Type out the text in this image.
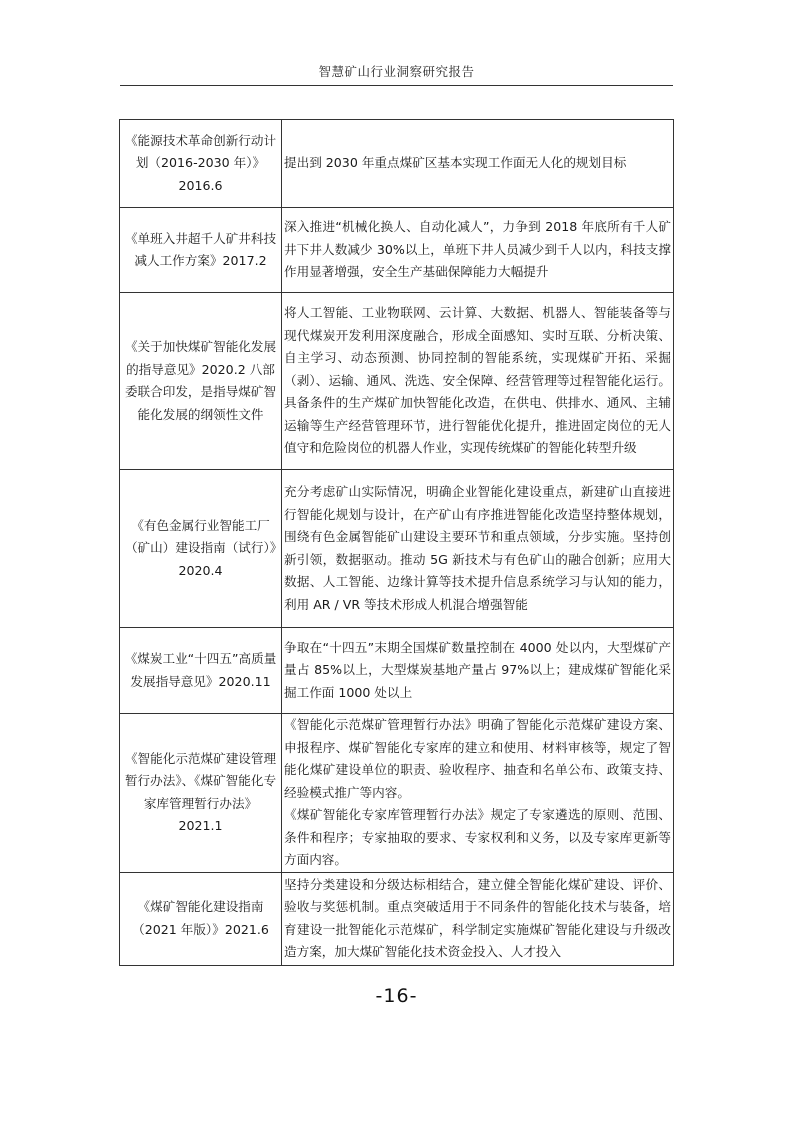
智慧矿山行业洞察研究报告
《能源技术革命创新行动计划（2016-2030 年）》2016.6	提出到 2030 年重点煤矿区基本实现工作面无人化的规划目标

《单班入井超千人矿井科技减人工作方案》2017.2	深入推进“机械化换人、自动化减人”，力争到 2018 年底所有千人矿井下井人数减少 30%以上，单班下井人员减少到千人以内，科技支撑作用显著增强，安全生产基础保障能力大幅提升

《关于加快煤矿智能化发展的指导意见》2020.2 八部委联合印发，是指导煤矿智能化发展的纲领性文件	将人工智能、工业物联网、云计算、大数据、机器人、智能装备等与现代煤炭开发利用深度融合，形成全面感知、实时互联、分析决策、自主学习、动态预测、协同控制的智能系统，实现煤矿开拓、采掘（剥）、运输、通风、洗选、安全保障、经营管理等过程智能化运行。具备条件的生产煤矿加快智能化改造，在供电、供排水、通风、主辅运输等生产经营管理环节，进行智能优化提升，推进固定岗位的无人值守和危险岗位的机器人作业，实现传统煤矿的智能化转型升级

《有色金属行业智能工厂（矿山）建设指南（试行）》2020.4	充分考虑矿山实际情况，明确企业智能化建设重点，新建矿山直接进行智能化规划与设计，在产矿山有序推进智能化改造坚持整体规划，围绕有色金属智能矿山建设主要环节和重点领域，分步实施。坚持创新引领，数据驱动。推动 5G 新技术与有色矿山的融合创新；应用大数据、人工智能、边缘计算等技术提升信息系统学习与认知的能力，利用 AR / VR 等技术形成人机混合增强智能

《煤炭工业“十四五”高质量发展指导意见》2020.11	争取在“十四五”末期全国煤矿数量控制在 4000 处以内，大型煤矿产量占 85%以上，大型煤炭基地产量占 97%以上；建成煤矿智能化采掘工作面 1000 处以上

《智能化示范煤矿建设管理暂行办法》、《煤矿智能化专家库管理暂行办法》2021.1	《智能化示范煤矿管理暂行办法》明确了智能化示范煤矿建设方案、申报程序、煤矿智能化专家库的建立和使用、材料审核等，规定了智能化煤矿建设单位的职责、验收程序、抽查和名单公布、政策支持、经验模式推广等内容。
《煤矿智能化专家库管理暂行办法》规定了专家遴选的原则、范围、条件和程序；专家抽取的要求、专家权利和义务，以及专家库更新等方面内容。

《煤矿智能化建设指南（2021 年版）》2021.6	坚持分类建设和分级达标相结合，建立健全智能化煤矿建设、评价、验收与奖惩机制。重点突破适用于不同条件的智能化技术与装备，培育建设一批智能化示范煤矿，科学制定实施煤矿智能化建设与升级改造方案，加大煤矿智能化技术资金投入、人才投入
-16-
